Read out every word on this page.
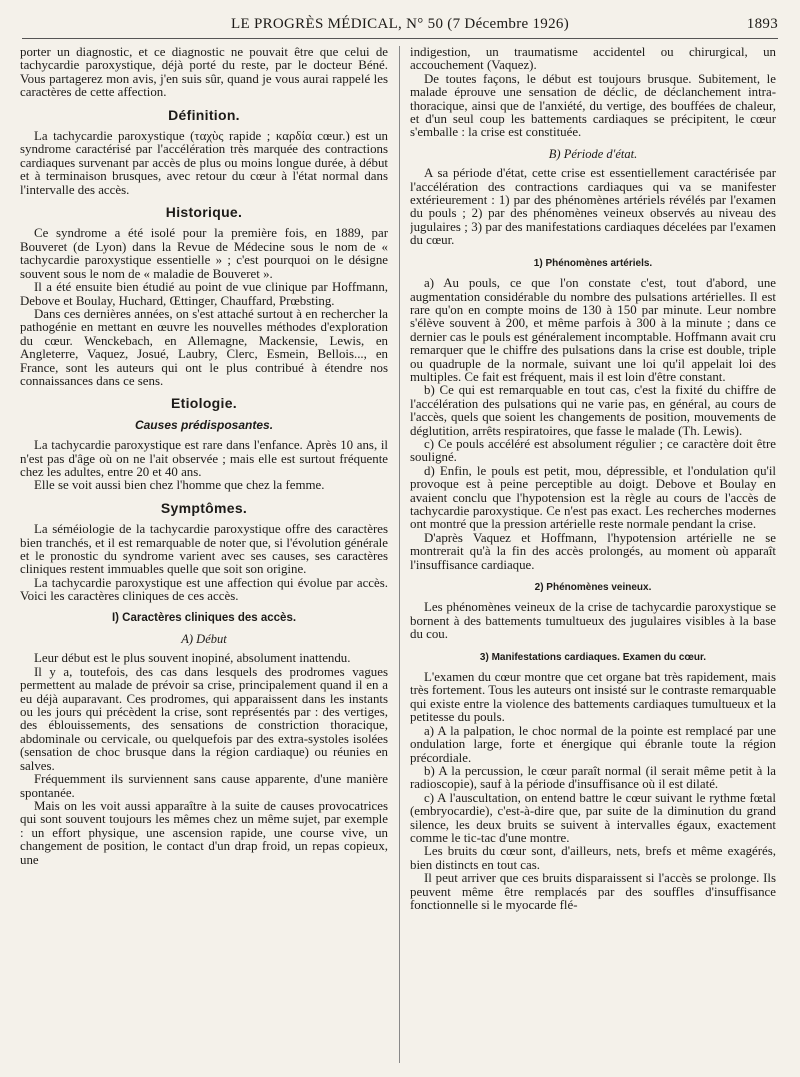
LE PROGRÈS MÉDICAL, N° 50 (7 Décembre 1926)	1893

porter un diagnostic, et ce diagnostic ne pouvait être que celui de tachycardie paroxystique, déjà porté du reste, par le docteur Béné. Vous partagerez mon avis, j'en suis sûr, quand je vous aurai rappelé les caractères de cette affection.

Définition.

La tachycardie paroxystique (ταχὺς rapide ; καρδία cœur.) est un syndrome caractérisé par l'accélération très marquée des contractions cardiaques survenant par accès de plus ou moins longue durée, à début et à terminaison brusques, avec retour du cœur à l'état normal dans l'intervalle des accès.

Historique.

Ce syndrome a été isolé pour la première fois, en 1889, par Bouveret (de Lyon) dans la Revue de Médecine sous le nom de « tachycardie paroxystique essentielle » ; c'est pourquoi on le désigne souvent sous le nom de « maladie de Bouveret ».

Il a été ensuite bien étudié au point de vue clinique par Hoffmann, Debove et Boulay, Huchard, Œttinger, Chauffard, Prœbsting.

Dans ces dernières années, on s'est attaché surtout à en rechercher la pathogénie en mettant en œuvre les nouvelles méthodes d'exploration du cœur. Wenckebach, en Allemagne, Mackensie, Lewis, en Angleterre, Vaquez, Josué, Laubry, Clerc, Esmein, Bellois..., en France, sont les auteurs qui ont le plus contribué à étendre nos connaissances dans ce sens.

Etiologie.
Causes prédisposantes.

La tachycardie paroxystique est rare dans l'enfance. Après 10 ans, il n'est pas d'âge où on ne l'ait observée ; mais elle est surtout fréquente chez les adultes, entre 20 et 40 ans.

Elle se voit aussi bien chez l'homme que chez la femme.

Symptômes.

La séméiologie de la tachycardie paroxystique offre des caractères bien tranchés, et il est remarquable de noter que, si l'évolution générale et le pronostic du syndrome varient avec ses causes, ses caractères cliniques restent immuables quelle que soit son origine.

La tachycardie paroxystique est une affection qui évolue par accès. Voici les caractères cliniques de ces accès.

I) Caractères cliniques des accès.
A) Début

Leur début est le plus souvent inopiné, absolument inattendu.

Il y a, toutefois, des cas dans lesquels des prodromes vagues permettent au malade de prévoir sa crise, principalement quand il en a eu déjà auparavant. Ces prodromes, qui apparaissent dans les instants ou les jours qui précèdent la crise, sont représentés par : des vertiges, des éblouissements, des sensations de constriction thoracique, abdominale ou cervicale, ou quelquefois par des extra-systoles isolées (sensation de choc brusque dans la région cardiaque) ou réunies en salves.

Fréquemment ils surviennent sans cause apparente, d'une manière spontanée.

Mais on les voit aussi apparaître à la suite de causes provocatrices qui sont souvent toujours les mêmes chez un même sujet, par exemple : un effort physique, une ascension rapide, une course vive, un changement de position, le contact d'un drap froid, un repas copieux, une

indigestion, un traumatisme accidentel ou chirurgical, un accouchement (Vaquez).

De toutes façons, le début est toujours brusque. Subitement, le malade éprouve une sensation de déclic, de déclanchement intra-thoracique, ainsi que de l'anxiété, du vertige, des bouffées de chaleur, et d'un seul coup les battements cardiaques se précipitent, le cœur s'emballe : la crise est constituée.

B) Période d'état.

A sa période d'état, cette crise est essentiellement caractérisée par l'accélération des contractions cardiaques qui va se manifester extérieurement : 1) par des phénomènes artériels révélés par l'examen du pouls ; 2) par des phénomènes veineux observés au niveau des jugulaires ; 3) par des manifestations cardiaques décelées par l'examen du cœur.

1) Phénomènes artériels.

a) Au pouls, ce que l'on constate c'est, tout d'abord, une augmentation considérable du nombre des pulsations artérielles. Il est rare qu'on en compte moins de 130 à 150 par minute. Leur nombre s'élève souvent à 200, et même parfois à 300 à la minute ; dans ce dernier cas le pouls est généralement incomptable. Hoffmann avait cru remarquer que le chiffre des pulsations dans la crise est double, triple ou quadruple de la normale, suivant une loi qu'il appelait loi des multiples. Ce fait est fréquent, mais il est loin d'être constant.

b) Ce qui est remarquable en tout cas, c'est la fixité du chiffre de l'accélération des pulsations qui ne varie pas, en général, au cours de l'accès, quels que soient les changements de position, mouvements de déglutition, arrêts respiratoires, que fasse le malade (Th. Lewis).

c) Ce pouls accéléré est absolument régulier ; ce caractère doit être souligné.

d) Enfin, le pouls est petit, mou, dépressible, et l'ondulation qu'il provoque est à peine perceptible au doigt. Debove et Boulay en avaient conclu que l'hypotension est la règle au cours de l'accès de tachycardie paroxystique. Ce n'est pas exact. Les recherches modernes ont montré que la pression artérielle reste normale pendant la crise.

D'après Vaquez et Hoffmann, l'hypotension artérielle ne se montrerait qu'à la fin des accès prolongés, au moment où apparaît l'insuffisance cardiaque.

2) Phénomènes veineux.

Les phénomènes veineux de la crise de tachycardie paroxystique se bornent à des battements tumultueux des jugulaires visibles à la base du cou.

3) Manifestations cardiaques. Examen du cœur.

L'examen du cœur montre que cet organe bat très rapidement, mais très fortement. Tous les auteurs ont insisté sur le contraste remarquable qui existe entre la violence des battements cardiaques tumultueux et la petitesse du pouls.

a) A la palpation, le choc normal de la pointe est remplacé par une ondulation large, forte et énergique qui ébranle toute la région précordiale.

b) A la percussion, le cœur paraît normal (il serait même petit à la radioscopie), sauf à la période d'insuffisance où il est dilaté.

c) A l'auscultation, on entend battre le cœur suivant le rythme fœtal (embryocardie), c'est-à-dire que, par suite de la diminution du grand silence, les deux bruits se suivent à intervalles égaux, exactement comme le tic-tac d'une montre.

Les bruits du cœur sont, d'ailleurs, nets, brefs et même exagérés, bien distincts en tout cas.

Il peut arriver que ces bruits disparaissent si l'accès se prolonge. Ils peuvent même être remplacés par des souffles d'insuffisance fonctionnelle si le myocarde flé-
